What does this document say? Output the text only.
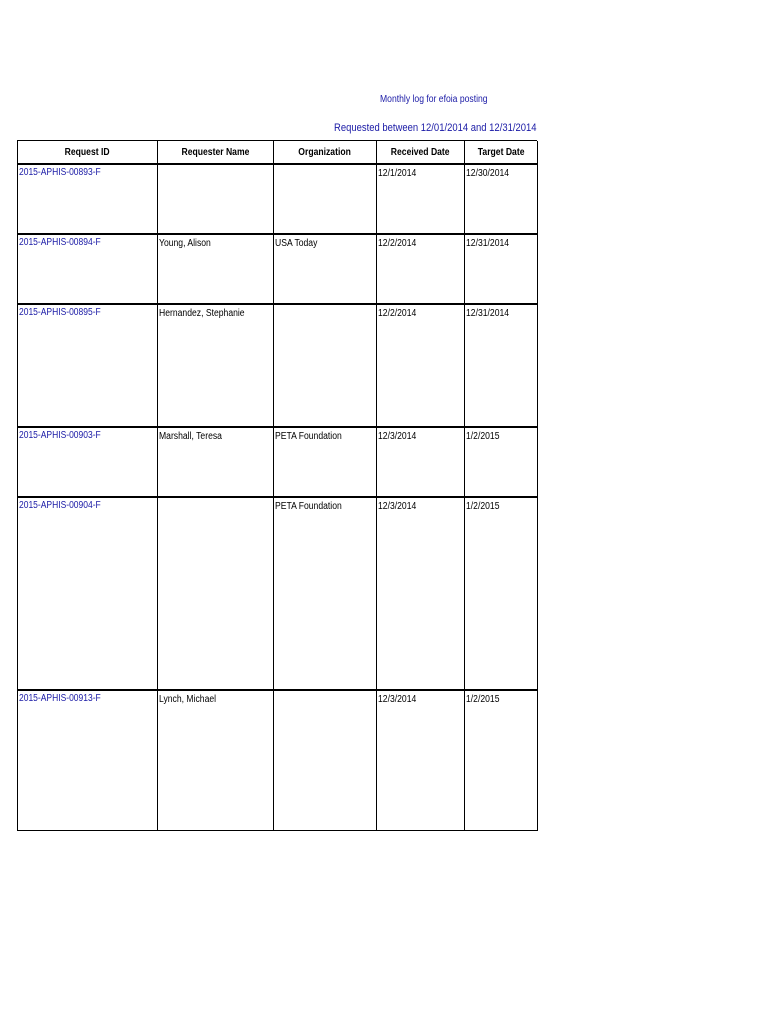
Monthly log for efoia posting
Requested between 12/01/2014 and 12/31/2014
Request ID	Requester Name	Organization	Received Date	Target Date
2015-APHIS-00893-F			12/1/2014	12/30/2014
2015-APHIS-00894-F	Young, Alison	USA Today	12/2/2014	12/31/2014
2015-APHIS-00895-F	Hernandez, Stephanie		12/2/2014	12/31/2014
2015-APHIS-00903-F	Marshall, Teresa	PETA Foundation	12/3/2014	1/2/2015
2015-APHIS-00904-F		PETA Foundation	12/3/2014	1/2/2015
2015-APHIS-00913-F	Lynch, Michael		12/3/2014	1/2/2015
